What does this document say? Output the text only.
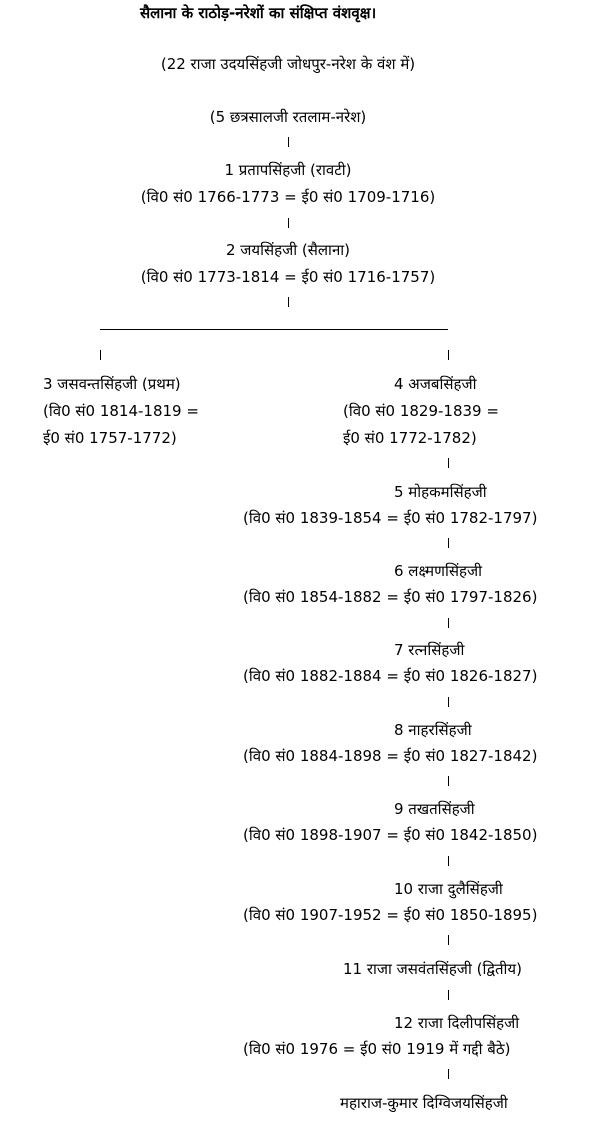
सैलाना के राठोड़-नरेशों का संक्षिप्त वंशवृक्ष।
(22 राजा उदयसिंहजी जोधपुर-नरेश के वंश में)
(5 छत्रसालजी रतलाम-नरेश)
1 प्रतापसिंहजी (रावटी)
(वि0 सं0 1766-1773 = ई0 सं0 1709-1716)
2 जयसिंहजी (सैलाना)
(वि0 सं0 1773-1814 = ई0 सं0 1716-1757)
3 जसवन्तसिंहजी (प्रथम)
(वि0 सं0 1814-1819 =
ई0 सं0 1757-1772)
4 अजबसिंहजी
(वि0 सं0 1829-1839 =
ई0 सं0 1772-1782)
5 मोहकमसिंहजी
(वि0 सं0 1839-1854 = ई0 सं0 1782-1797)
6 लक्ष्मणसिंहजी
(वि0 सं0 1854-1882 = ई0 सं0 1797-1826)
7 रत्नसिंहजी
(वि0 सं0 1882-1884 = ई0 सं0 1826-1827)
8 नाहरसिंहजी
(वि0 सं0 1884-1898 = ई0 सं0 1827-1842)
9 तखतसिंहजी
(वि0 सं0 1898-1907 = ई0 सं0 1842-1850)
10 राजा दुलैसिंहजी
(वि0 सं0 1907-1952 = ई0 सं0 1850-1895)
11 राजा जसवंतसिंहजी (द्वितीय)
12 राजा दिलीपसिंहजी
(वि0 सं0 1976 = ई0 सं0 1919 में गद्दी बैठे)
महाराज-कुमार दिग्विजयसिंहजी
